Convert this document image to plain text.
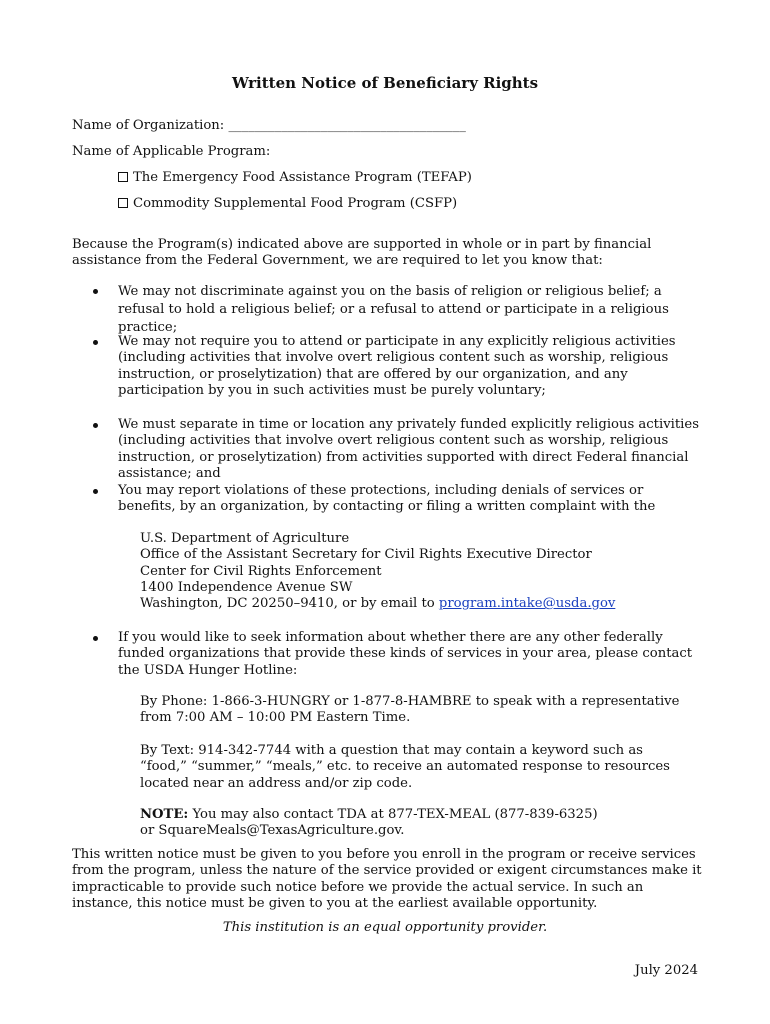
Written Notice of Beneficiary Rights
Name of Organization: ____________________________________
Name of Applicable Program:
The Emergency Food Assistance Program (TEFAP)
Commodity Supplemental Food Program (CSFP)
Because the Program(s) indicated above are supported in whole or in part by financial assistance from the Federal Government, we are required to let you know that:
We may not discriminate against you on the basis of religion or religious belief; a refusal to hold a religious belief; or a refusal to attend or participate in a religious practice;
We may not require you to attend or participate in any explicitly religious activities (including activities that involve overt religious content such as worship, religious instruction, or proselytization) that are offered by our organization, and any participation by you in such activities must be purely voluntary;
We must separate in time or location any privately funded explicitly religious activities (including activities that involve overt religious content such as worship, religious instruction, or proselytization) from activities supported with direct Federal financial assistance; and
You may report violations of these protections, including denials of services or benefits, by an organization, by contacting or filing a written complaint with the
U.S. Department of Agriculture
Office of the Assistant Secretary for Civil Rights Executive Director
Center for Civil Rights Enforcement
1400 Independence Avenue SW
Washington, DC 20250–9410, or by email to program.intake@usda.gov
If you would like to seek information about whether there are any other federally funded organizations that provide these kinds of services in your area, please contact the USDA Hunger Hotline:
By Phone: 1-866-3-HUNGRY or 1-877-8-HAMBRE to speak with a representative from 7:00 AM – 10:00 PM Eastern Time.
By Text: 914-342-7744 with a question that may contain a keyword such as “food,” “summer,” “meals,” etc. to receive an automated response to resources located near an address and/or zip code.
NOTE: You may also contact TDA at 877-TEX-MEAL (877-839-6325) or SquareMeals@TexasAgriculture.gov.
This written notice must be given to you before you enroll in the program or receive services from the program, unless the nature of the service provided or exigent circumstances make it impracticable to provide such notice before we provide the actual service. In such an instance, this notice must be given to you at the earliest available opportunity.
This institution is an equal opportunity provider.
July 2024
